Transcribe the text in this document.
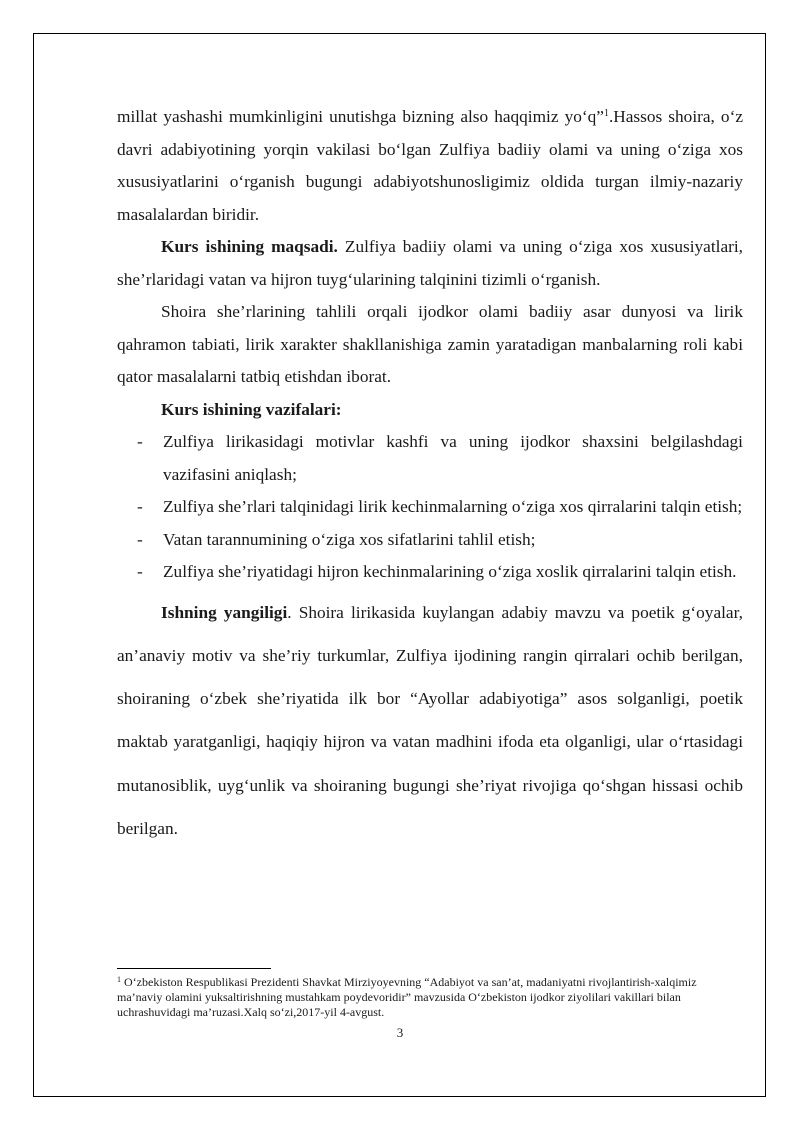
millat yashashi mumkinligini unutishga bizning also haqqimiz yo‘q”$^1$.Hassos shoira, o‘z davri adabiyotining yorqin vakilasi bo‘lgan Zulfiya badiiy olami va uning o‘ziga xos xususiyatlarini o‘rganish bugungi adabiyotshunosligimiz oldida turgan ilmiy-nazariy masalalardan biridir.

Kurs ishining maqsadi. Zulfiya badiiy olami va uning o‘ziga xos xususiyatlari, she’rlaridagi vatan va hijron tuyg‘ularining talqinini tizimli o‘rganish.

Shoira she’rlarining tahlili orqali ijodkor olami badiiy asar dunyosi va lirik qahramon tabiati, lirik xarakter shakllanishiga zamin yaratadigan manbalarning roli kabi qator masalalarni tatbiq etishdan iborat.

Kurs ishining vazifalari:

- Zulfiya lirikasidagi motivlar kashfi va uning ijodkor shaxsini belgilashdagi vazifasini aniqlash;
- Zulfiya she’rlari talqinidagi lirik kechinmalarning o‘ziga xos qirralarini talqin etish;
- Vatan tarannumining o‘ziga xos sifatlarini tahlil etish;
- Zulfiya she’riyatidagi hijron kechinmalarining o‘ziga xoslik qirralarini talqin etish.

Ishning yangiligi. Shoira lirikasida kuylangan adabiy mavzu va poetik g‘oyalar, an’anaviy motiv va she’riy turkumlar, Zulfiya ijodining rangin qirralari ochib berilgan, shoiraning o‘zbek she’riyatida ilk bor “Ayollar adabiyotiga” asos solganligi, poetik maktab yaratganligi, haqiqiy hijron va vatan madhini ifoda eta olganligi, ular o‘rtasidagi mutanosiblik, uyg‘unlik va shoiraning bugungi she’riyat rivojiga qo‘shgan hissasi ochib berilgan.

$^1$ O‘zbekiston Respublikasi Prezidenti Shavkat Mirziyoyevning “Adabiyot va san’at, madaniyatni rivojlantirish-xalqimiz ma’naviy olamini yuksaltirishning mustahkam poydevoridir” mavzusida O‘zbekiston ijodkor ziyolilari vakillari bilan uchrashuvidagi ma’ruzasi.Xalq so‘zi,2017-yil 4-avgust.
3
